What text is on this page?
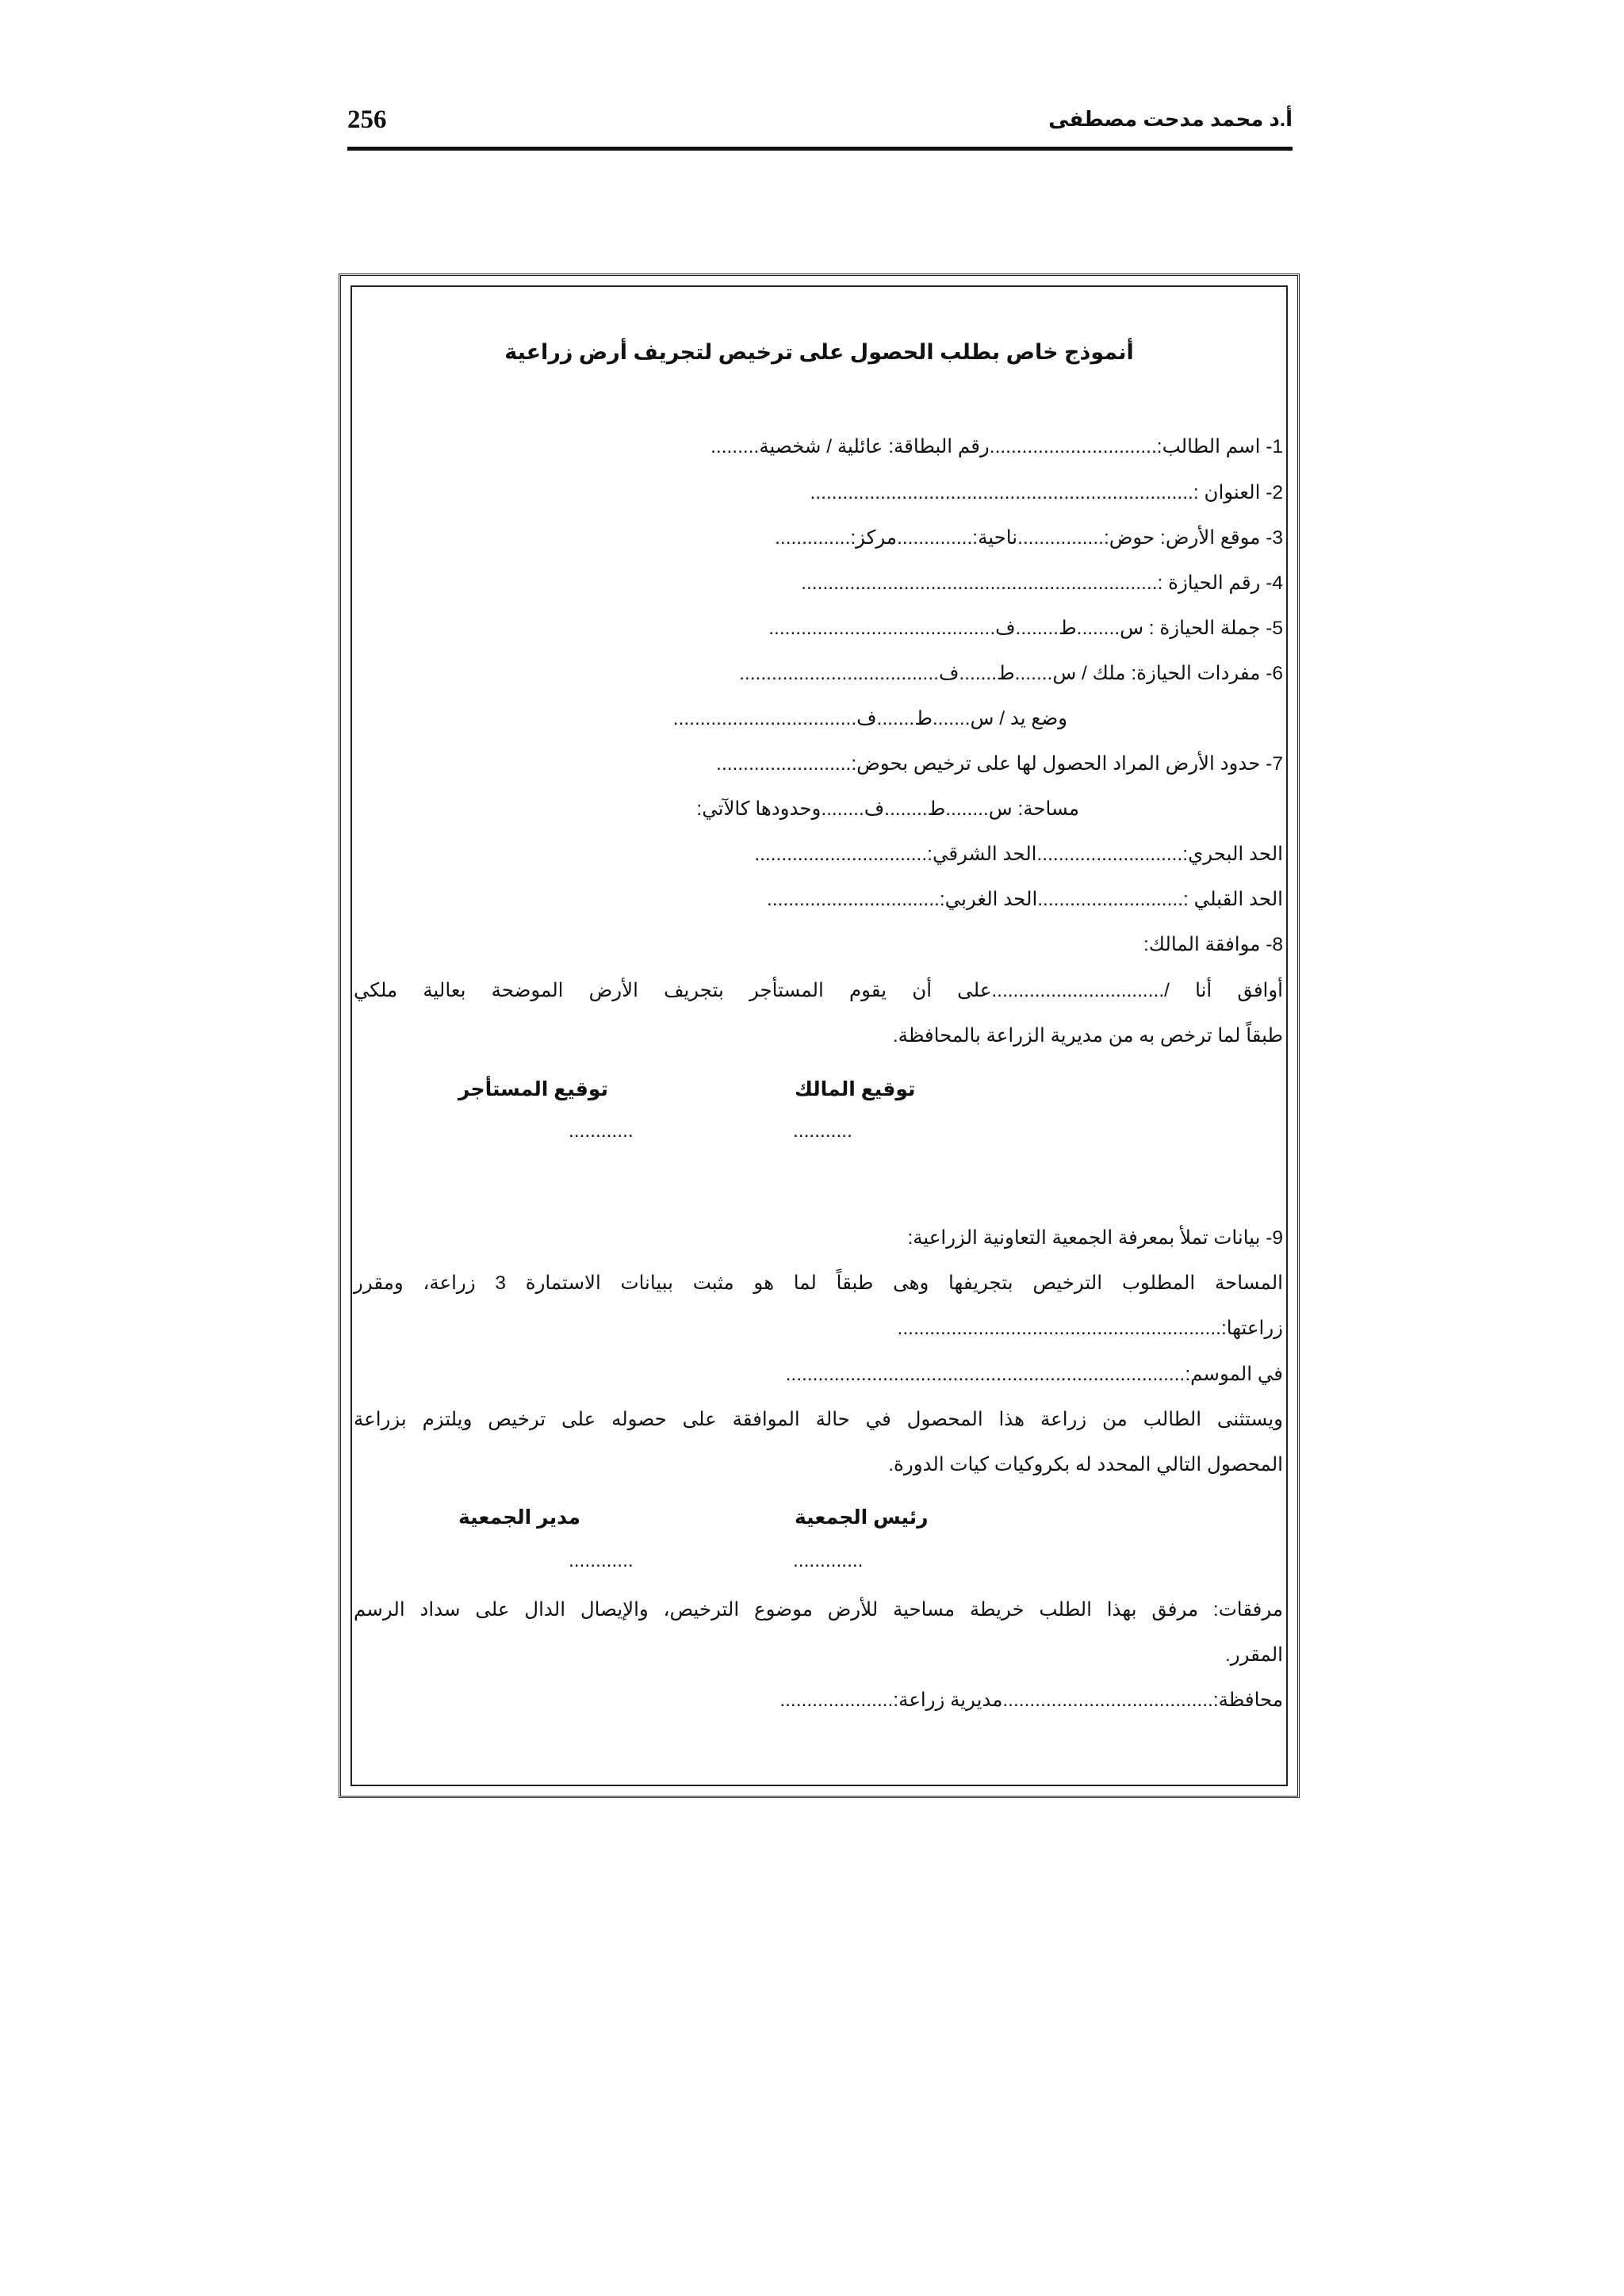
256	أ.د محمد مدحت مصطفى
أنموذج خاص بطلب الحصول على ترخيص لتجريف أرض زراعية
1- اسم الطالب:...............................رقم البطاقة: عائلية / شخصية.........
2- العنوان :.......................................................................
3- موقع الأرض: حوض:................ناحية:..............مركز:..............
4- رقم الحيازة :..................................................................
5- جملة الحيازة : س........ط........ف..........................................
6- مفردات الحيازة: ملك / س.......ط.......ف.....................................
وضع يد / س.......ط.......ف..................................
7- حدود الأرض المراد الحصول لها على ترخيص بحوض:.........................
مساحة: س........ط........ف........وحدودها كالآتي:
الحد البحري:...........................الحد الشرقي:................................
الحد القبلي :...........................الحد الغربي:................................
8- موافقة المالك:
أوافق أنا /................................على أن يقوم المستأجر بتجريف الأرض الموضحة بعالية ملكي
طبقاً لما ترخص به من مديرية الزراعة بالمحافظة.
توقيع المالك
توقيع المستأجر
...........
............
9- بيانات تملأ بمعرفة الجمعية التعاونية الزراعية:
المساحة المطلوب الترخيص بتجريفها وهى طبقاً لما هو مثبت ببيانات الاستمارة 3 زراعة، ومقرر
زراعتها:............................................................
في الموسم:..........................................................................
ويستثنى الطالب من زراعة هذا المحصول في حالة الموافقة على حصوله على ترخيص ويلتزم بزراعة
المحصول التالي المحدد له بكروكيات كيات الدورة.
رئيس الجمعية
مدير الجمعية
.............
............
مرفقات: مرفق بهذا الطلب خريطة مساحية للأرض موضوع الترخيص، والإيصال الدال على سداد الرسم
المقرر.
محافظة:.......................................مديرية زراعة:.....................
